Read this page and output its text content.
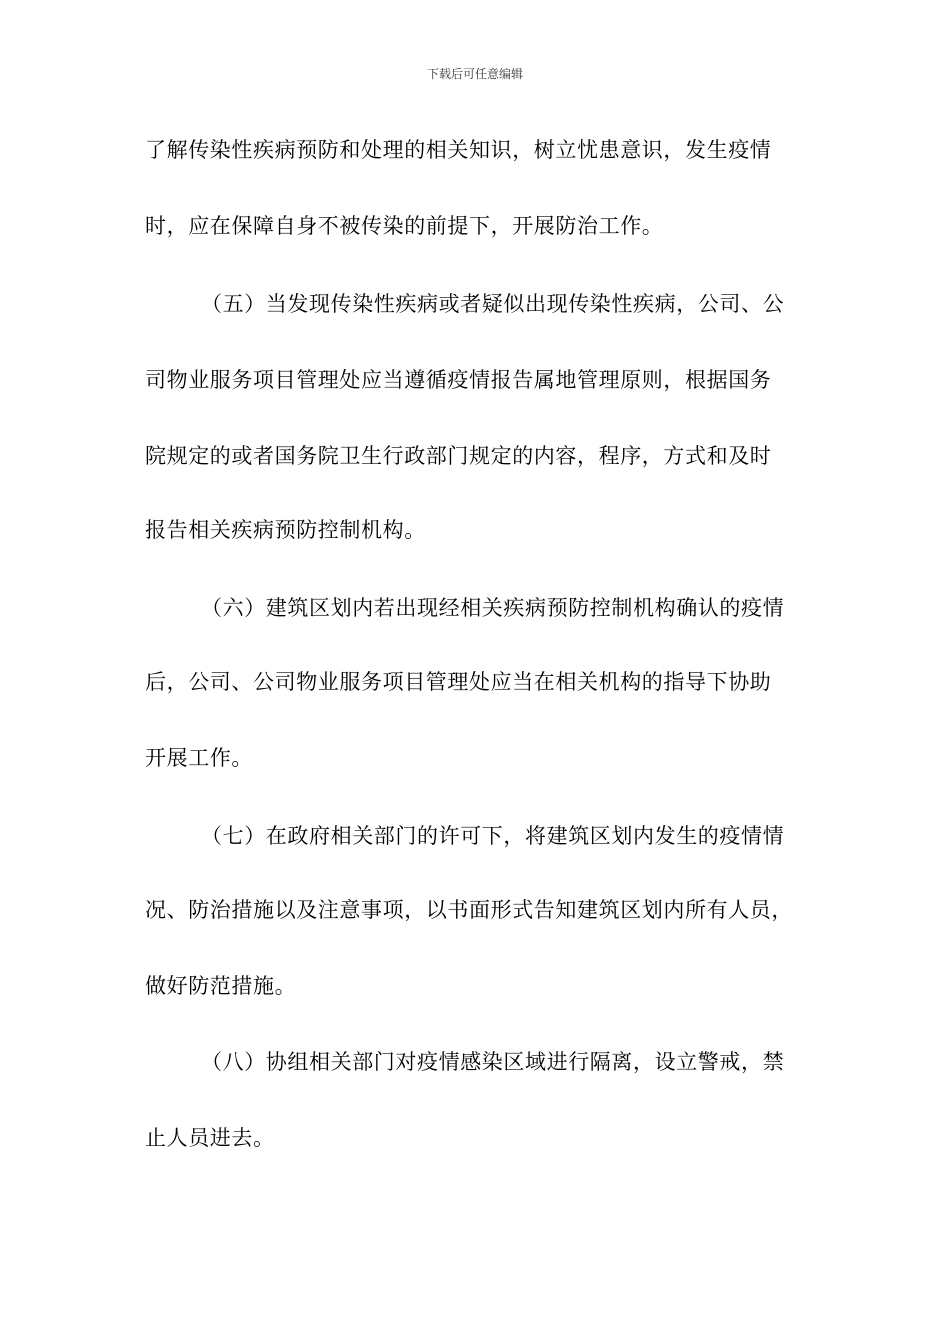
下载后可任意编辑
了解传染性疾病预防和处理的相关知识，树立忧患意识，发生疫情
时，应在保障自身不被传染的前提下，开展防治工作。
（五）当发现传染性疾病或者疑似出现传染性疾病，公司、公
司物业服务项目管理处应当遵循疫情报告属地管理原则，根据国务
院规定的或者国务院卫生行政部门规定的内容，程序，方式和及时
报告相关疾病预防控制机构。
（六）建筑区划内若出现经相关疾病预防控制机构确认的疫情
后，公司、公司物业服务项目管理处应当在相关机构的指导下协助
开展工作。
（七）在政府相关部门的许可下，将建筑区划内发生的疫情情
况、防治措施以及注意事项，以书面形式告知建筑区划内所有人员，
做好防范措施。
（八）协组相关部门对疫情感染区域进行隔离，设立警戒，禁
止人员进去。
